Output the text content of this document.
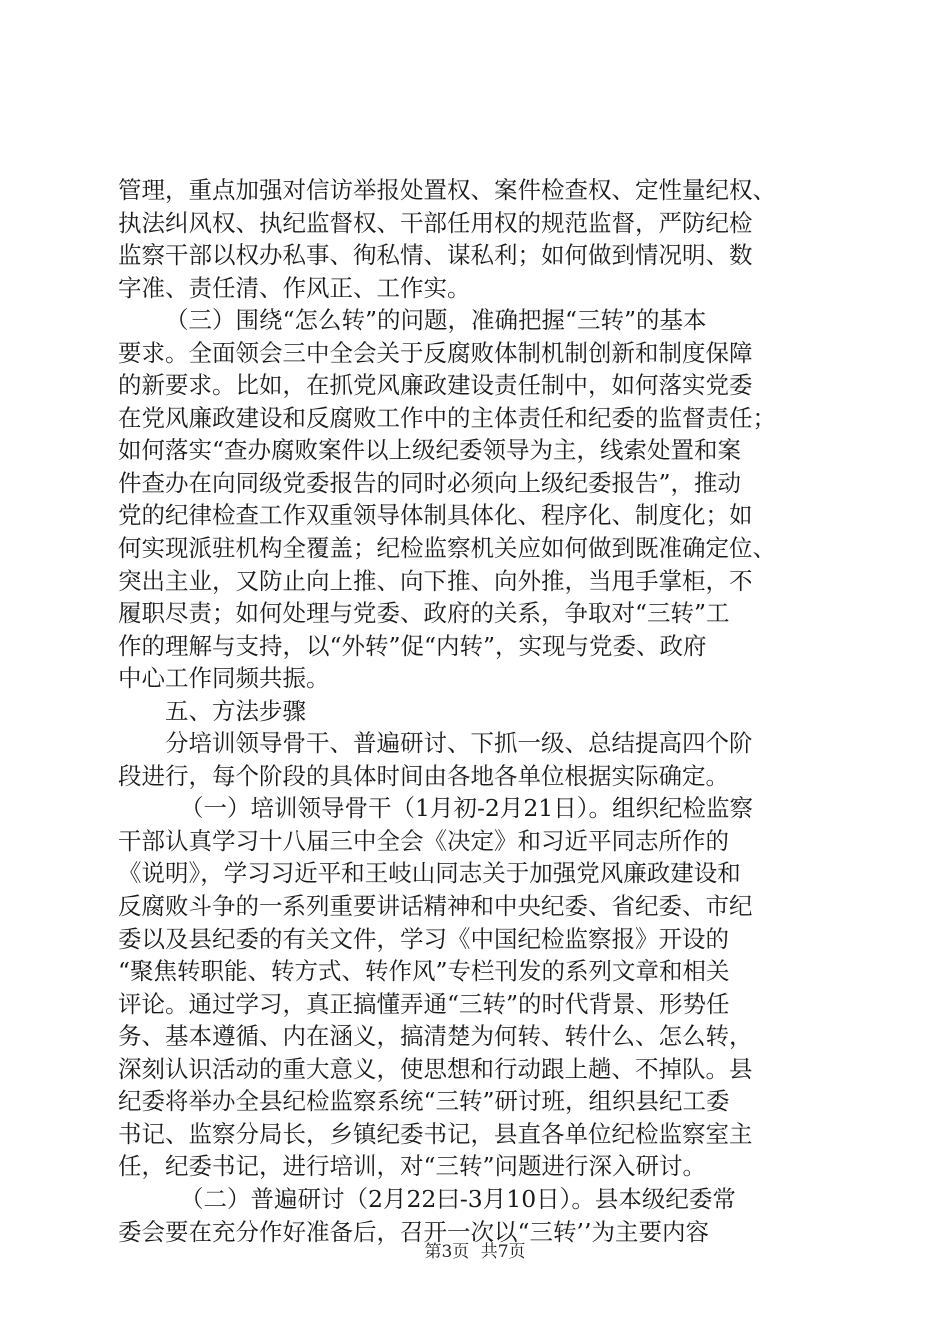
管理，重点加强对信访举报处置权、案件检查权、定性量纪权、
执法纠风权、执纪监督权、干部任用权的规范监督，严防纪检
监察干部以权办私事、徇私情、谋私利；如何做到情况明、数
字准、责任清、作风正、工作实。
（三）围绕“怎么转”的问题，准确把握“三转”的基本
要求。全面领会三中全会关于反腐败体制机制创新和制度保障
的新要求。比如，在抓党风廉政建设责任制中，如何落实党委
在党风廉政建设和反腐败工作中的主体责任和纪委的监督责任；
如何落实“查办腐败案件以上级纪委领导为主，线索处置和案
件查办在向同级党委报告的同时必须向上级纪委报告”，推动
党的纪律检查工作双重领导体制具体化、程序化、制度化；如
何实现派驻机构全覆盖；纪检监察机关应如何做到既准确定位、
突出主业，又防止向上推、向下推、向外推，当甩手掌柜，不
履职尽责；如何处理与党委、政府的关系，争取对“三转”工
作的理解与支持，以“外转”促“内转”，实现与党委、政府
中心工作同频共振。
五、方法步骤
分培训领导骨干、普遍研讨、下抓一级、总结提高四个阶
段进行，每个阶段的具体时间由各地各单位根据实际确定。
（一）培训领导骨干（1月初-2月21日）。组织纪检监察
干部认真学习十八届三中全会《决定》和习近平同志所作的
《说明》，学习习近平和王岐山同志关于加强党风廉政建设和
反腐败斗争的一系列重要讲话精神和中央纪委、省纪委、市纪
委以及县纪委的有关文件，学习《中国纪检监察报》开设的
“聚焦转职能、转方式、转作风”专栏刊发的系列文章和相关
评论。通过学习，真正搞懂弄通“三转”的时代背景、形势任
务、基本遵循、内在涵义，搞清楚为何转、转什么、怎么转，
深刻认识活动的重大意义，使思想和行动跟上趟、不掉队。县
纪委将举办全县纪检监察系统“三转”研讨班，组织县纪工委
书记、监察分局长，乡镇纪委书记，县直各单位纪检监察室主
任，纪委书记，进行培训，对“三转”问题进行深入研讨。
（二）普遍研讨（2月22曰-3月10日）。县本级纪委常
委会要在充分作好准备后，召开一次以“三转’’为主要内容
第3页 共7页
